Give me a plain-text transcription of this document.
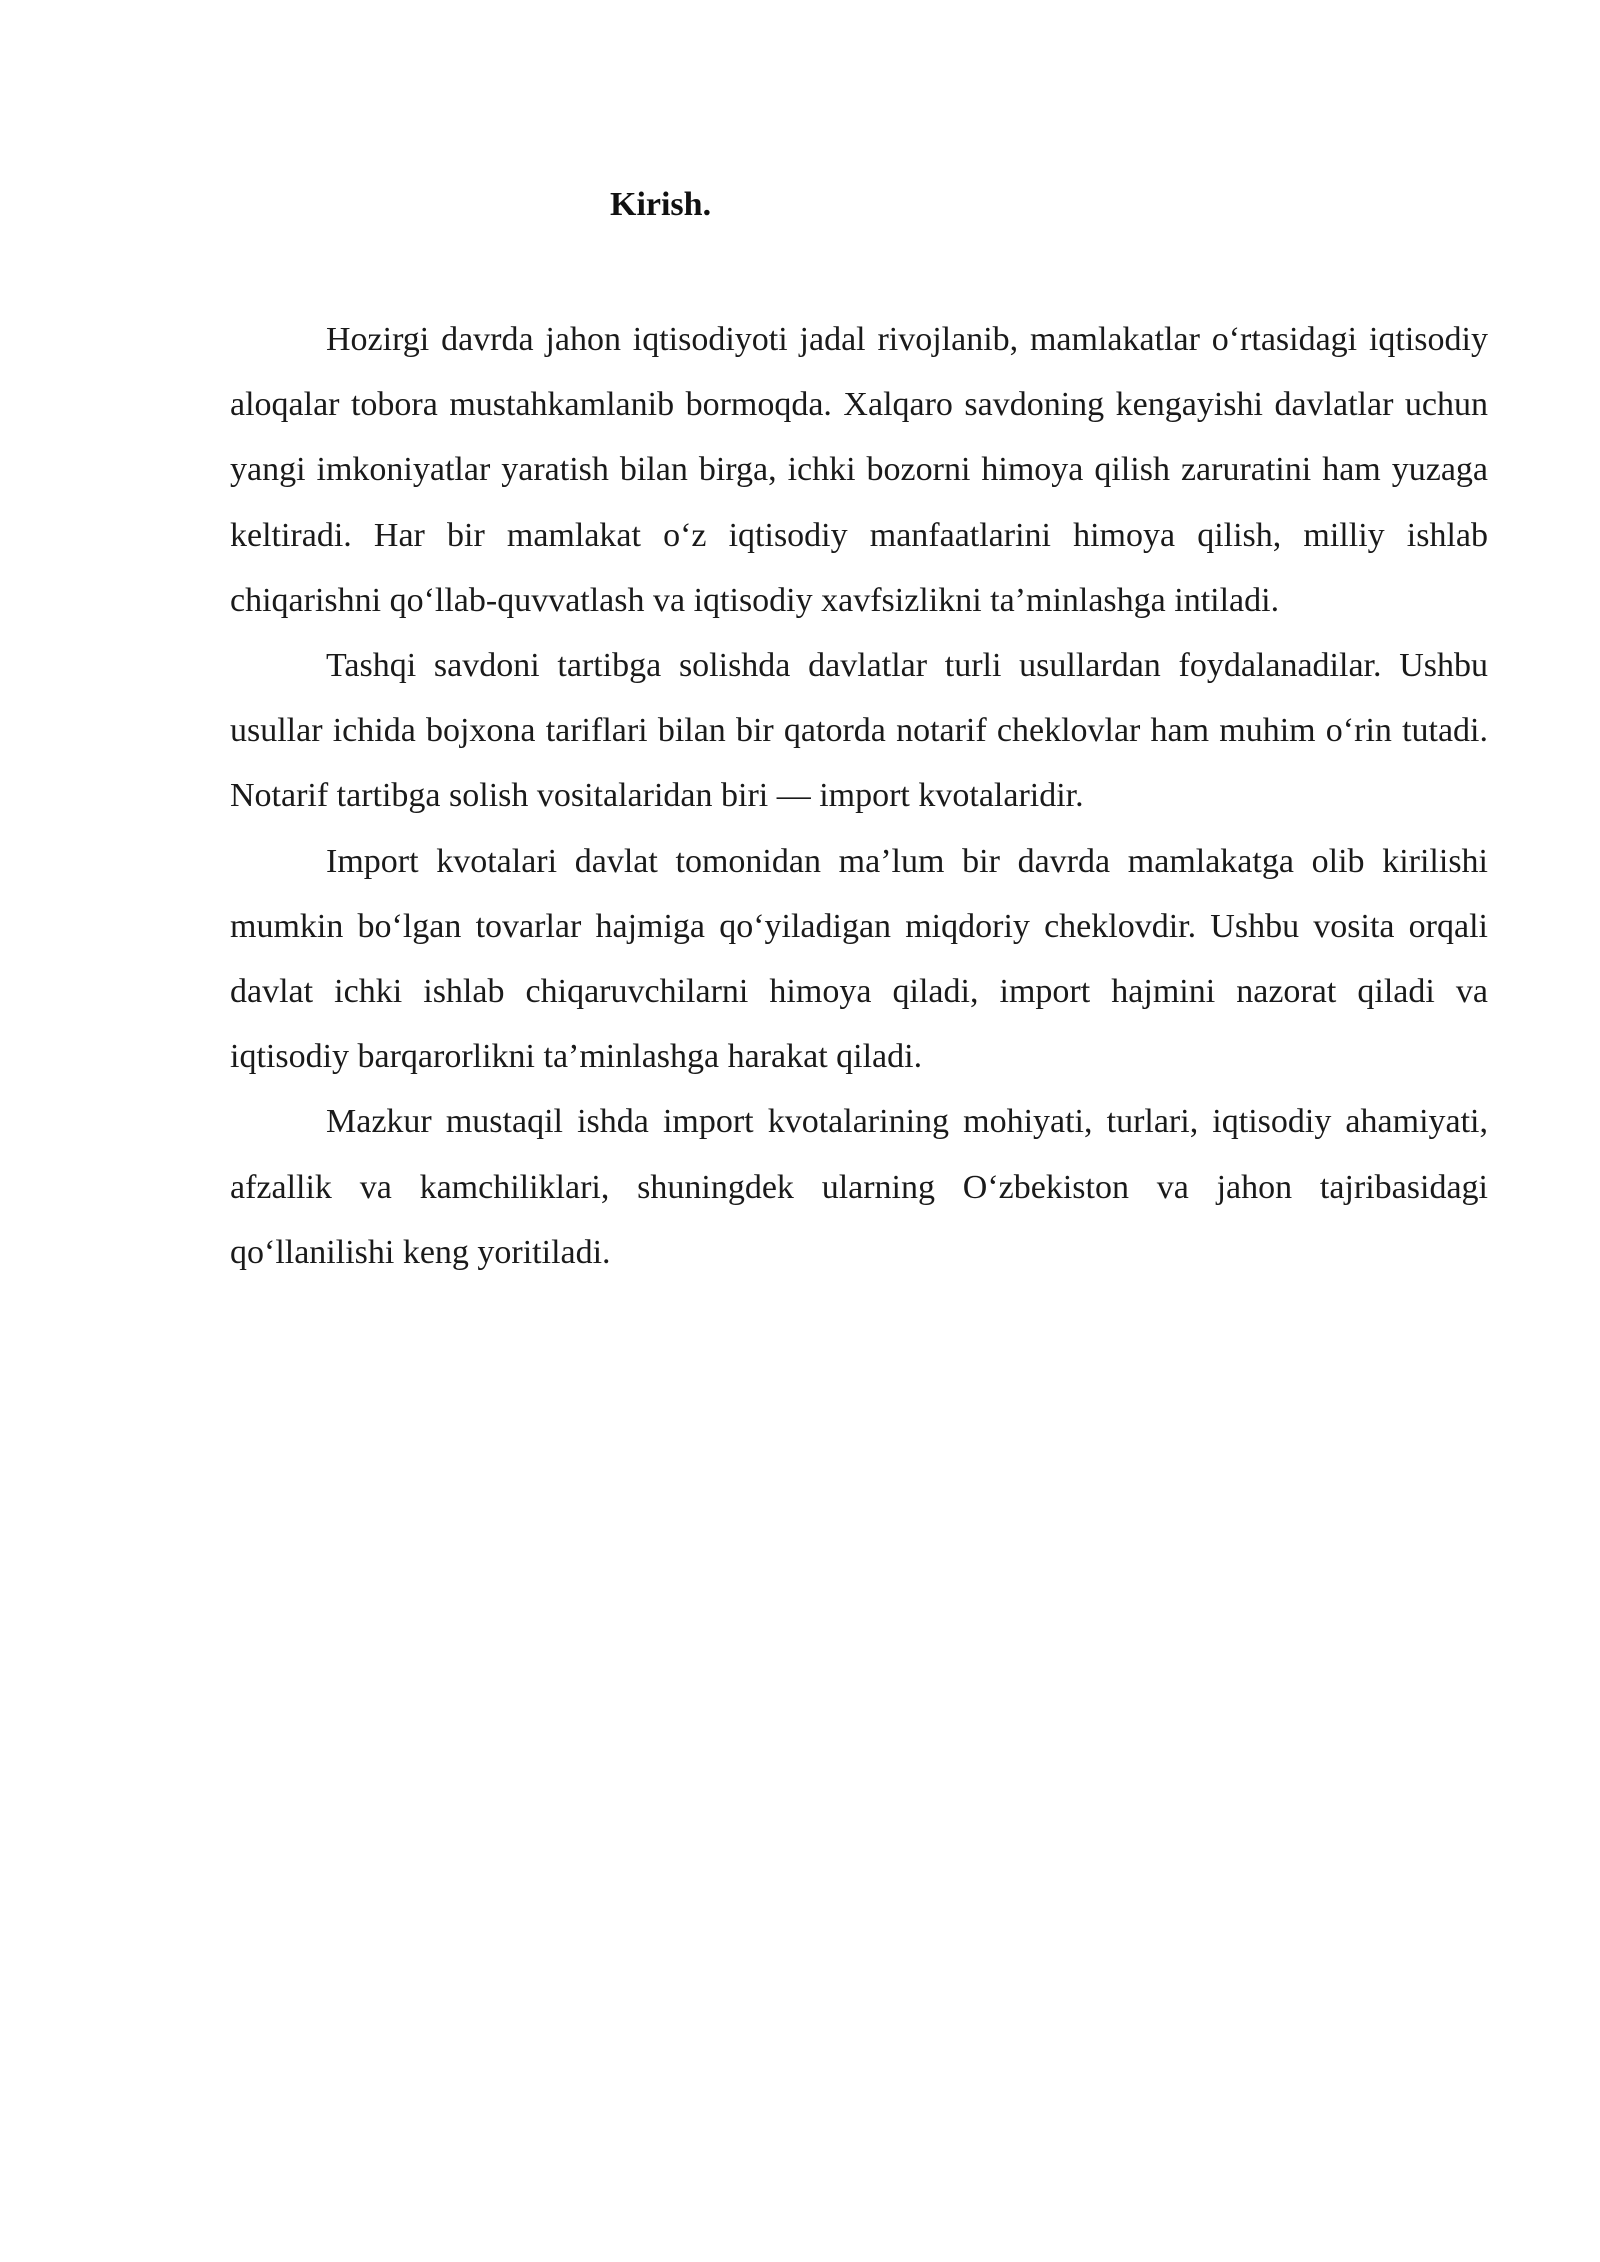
Kirish.

Hozirgi davrda jahon iqtisodiyoti jadal rivojlanib, mamlakatlar o‘rtasidagi iqtisodiy aloqalar tobora mustahkamlanib bormoqda. Xalqaro savdoning kengayishi davlatlar uchun yangi imkoniyatlar yaratish bilan birga, ichki bozorni himoya qilish zaruratini ham yuzaga keltiradi. Har bir mamlakat o‘z iqtisodiy manfaatlarini himoya qilish, milliy ishlab chiqarishni qo‘llab-quvvatlash va iqtisodiy xavfsizlikni ta’minlashga intiladi.

Tashqi savdoni tartibga solishda davlatlar turli usullardan foydalanadilar. Ushbu usullar ichida bojxona tariflari bilan bir qatorda notarif cheklovlar ham muhim o‘rin tutadi. Notarif tartibga solish vositalaridan biri — import kvotalaridir.

Import kvotalari davlat tomonidan ma’lum bir davrda mamlakatga olib kirilishi mumkin bo‘lgan tovarlar hajmiga qo‘yiladigan miqdoriy cheklovdir. Ushbu vosita orqali davlat ichki ishlab chiqaruvchilarni himoya qiladi, import hajmini nazorat qiladi va iqtisodiy barqarorlikni ta’minlashga harakat qiladi.

Mazkur mustaqil ishda import kvotalarining mohiyati, turlari, iqtisodiy ahamiyati, afzallik va kamchiliklari, shuningdek ularning O‘zbekiston va jahon tajribasidagi qo‘llanilishi keng yoritiladi.
